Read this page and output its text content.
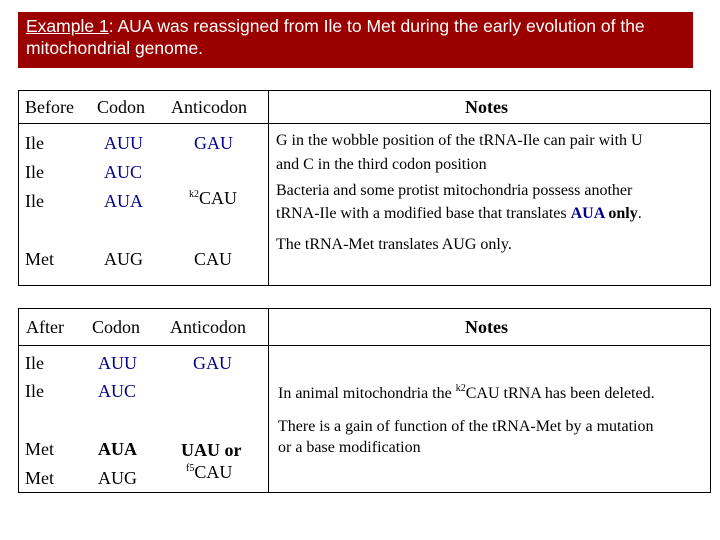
Example 1: AUA was reassigned from Ile to Met during the early evolution of the mitochondrial genome.
Before Codon Anticodon	Notes
Ile
Ile
Ile
Met
AUU
AUC
AUA
AUG
GAU
$^{k2}$CAU
CAU
G in the wobble position of the tRNA-Ile can pair with U
and C in the third codon position
Bacteria and some protist mitochondria possess another
tRNA-Ile with a modified base that translates AUA only.
The tRNA-Met translates AUG only.
After Codon Anticodon	Notes
Ile
Ile
Met
Met
AUU
AUC
AUA
AUG
GAU
UAU or
$^{f5}$CAU
In animal mitochondria the $^{k2}$CAU tRNA has been deleted.
There is a gain of function of the tRNA-Met by a mutation
or a base modification
